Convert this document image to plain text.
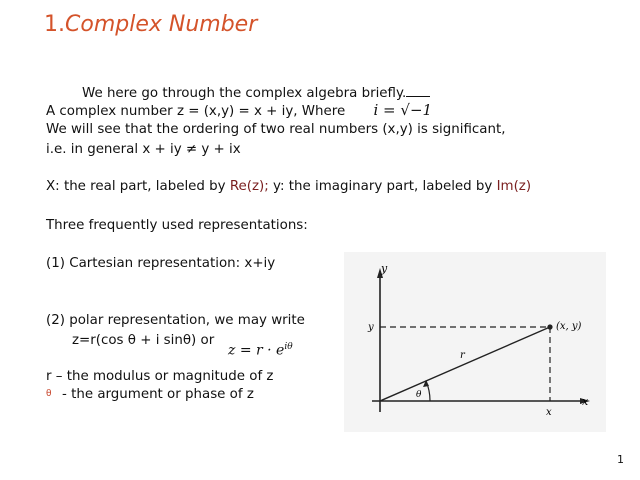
1.Complex Number
We here go through the complex algebra briefly.
A complex number z = (x,y) = x + iy, Where i = √−1
We will see that the ordering of two real numbers (x,y) is significant,
i.e. in general x + iy ≠ y + ix
X: the real part, labeled by Re(z); y: the imaginary part, labeled by Im(z)
Three frequently used representations:
(1) Cartesian representation: x+iy
(2) polar representation, we may write
z=r(cos θ + i sinθ) or
$z = r \cdot e^{i\theta}$
r – the modulus or magnitude of z
θ - the argument or phase of z
y
x
(x, y)
y
x
r
θ
1
